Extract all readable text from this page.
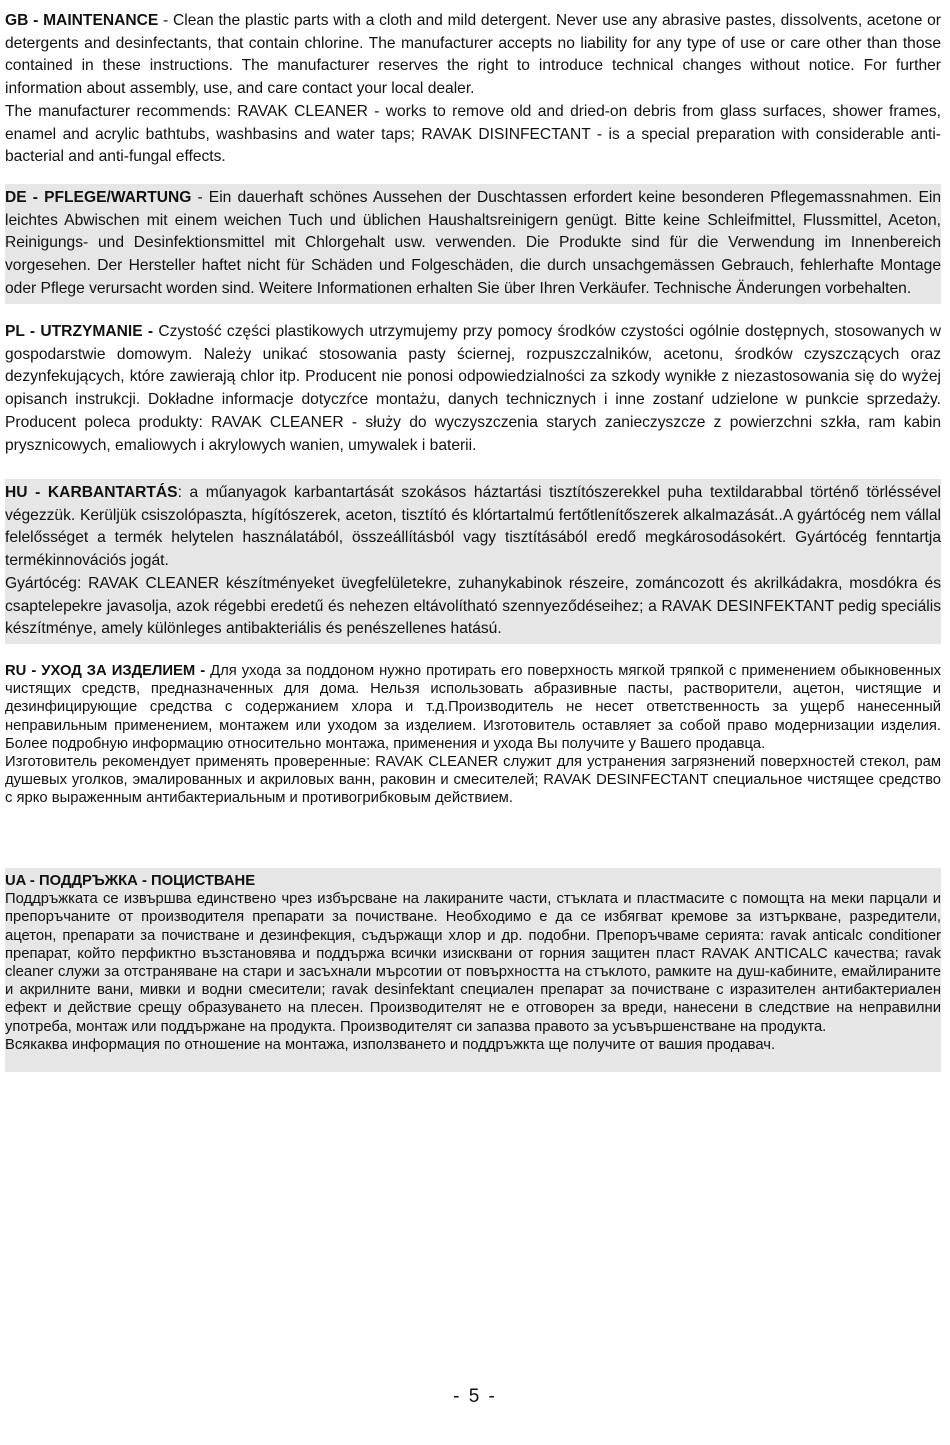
GB - MAINTENANCE - Clean the plastic parts with a cloth and mild detergent. Never use any abrasive pastes, dissolvents, acetone or detergents and desinfectants, that contain chlorine. The manufacturer accepts no liability for any type of use or care other than those contained in these instructions. The manufacturer reserves the right to introduce technical changes without notice. For further information about assembly, use, and care contact your local dealer.

The manufacturer recommends: RAVAK CLEANER - works to remove old and dried-on debris from glass surfaces, shower frames, enamel and acrylic bathtubs, washbasins and water taps; RAVAK DISINFECTANT - is a special preparation with considerable anti-bacterial and anti-fungal effects.

DE - PFLEGE/WARTUNG - Ein dauerhaft schönes Aussehen der Duschtassen erfordert keine besonderen Pflegemassnahmen. Ein leichtes Abwischen mit einem weichen Tuch und üblichen Haushaltsreinigern genügt. Bitte keine Schleifmittel, Flussmittel, Aceton, Reinigungs- und Desinfektionsmittel mit Chlorgehalt usw. verwenden. Die Produkte sind für die Verwendung im Innenbereich vorgesehen. Der Hersteller haftet nicht für Schäden und Folgeschäden, die durch unsachgemässen Gebrauch, fehlerhafte Montage oder Pflege verursacht worden sind. Weitere Informationen erhalten Sie über Ihren Verkäufer. Technische Änderungen vorbehalten.

PL - UTRZYMANIE - Czystość części plastikowych utrzymujemy przy pomocy środków czystości ogólnie dostępnych, stosowanych w gospodarstwie domowym. Należy unikać stosowania pasty ściernej, rozpuszczalników, acetonu, środków czyszczących oraz dezynfekujących, które zawierają chlor itp. Producent nie ponosi odpowiedzialności za szkody wynikłe z niezastosowania się do wyżej opisanch instrukcji. Dokładne informacje dotyczŕce montażu, danych technicznych i inne zostanŕ udzielone w punkcie sprzedaży. Producent poleca produkty: RAVAK CLEANER - służy do wyczyszczenia starych zanieczyszcze z powierzchni szkła, ram kabin prysznicowych, emaliowych i akrylowych wanien, umywalek i baterii.

HU - KARBANTARTÁS: a műanyagok karbantartását szokásos háztartási tisztítószerekkel puha textildarabbal történő törléssével végezzük. Kerüljük csiszolópaszta, hígítószerek, aceton, tisztító és klórtartalmú fertőtlenítőszerek alkalmazását..A gyártócég nem vállal felelősséget a termék helytelen használatából, összeállításból vagy tisztításából eredő megkárosodásokért. Gyártócég fenntartja termékinnovációs jogát.

Gyártócég: RAVAK CLEANER készítményeket üvegfelületekre, zuhanykabinok részeire, zománcozott és akrilkádakra, mosdókra és csaptelepekre javasolja, azok régebbi eredetű és nehezen eltávolítható szennyeződéseihez; a RAVAK DESINFEKTANT pedig speciális készítménye, amely különleges antibakteriális és penészellenes hatású.

RU - УХОД ЗА ИЗДЕЛИЕМ - Для ухода за поддоном нужно протирать его поверхность мягкой тряпкой с применением обыкновенных чистящих средств, предназначенных для дома. Нельзя использовать абразивные пасты, растворители, ацетон, чистящие и дезинфицирующие средства с содержанием хлора и т.д.Производитель не несет ответственность за ущерб нанесенный неправильным применением, монтажем или уходом за изделием. Изготовитель оставляет за собой право модернизации изделия. Более подробную информацию относительно монтажа, применения и ухода Вы получите у Вашего продавца.

Изготовитель рекомендует применять проверенные: RAVAK CLEANER служит для устранения загрязнений поверхностей стекол, рам душевых уголков, эмалированных и акриловых ванн, раковин и смесителей; RAVAK DESINFECTANT специальное чистящее средство с ярко выраженным антибактериальным и противогрибковым действием.

UA - ПОДДРЪЖКА - ПОЦИСТВАНЕ

Поддръжката се извършва единствено чрез избърсване на лакираните части, стъклата и пластмасите с помощта на меки парцали и препоръчаните от производителя препарати за почистване. Необходимо е да се избягват кремове за изтъркване, разредители, ацетон, препарати за почистване и дезинфекция, съдържащи хлор и др. подобни. Препоръчваме серията: ravak anticalc conditioner препарат, който перфиктно възстановява и поддържа всички изисквани от горния защитен пласт RAVAK ANTICALC качества; ravak cleaner служи за отстраняване на стари и засъхнали мърсотии от повърхността на стъклото, рамките на душ-кабините, емайлираните и акрилните вани, мивки и водни смесители; ravak desinfektant специален препарат за почистване с изразителен антибактериален ефект и действие срещу образуването на плесен. Производителят не е отговорен за вреди, нанесени в следствие на неправилни употреба, монтаж или поддържане на продукта. Производителят си запазва правото за усъвършенстване на продукта.

Всякаква информация по отношение на монтажа, използването и поддръжкта ще получите от вашия продавач.

- 5 -
